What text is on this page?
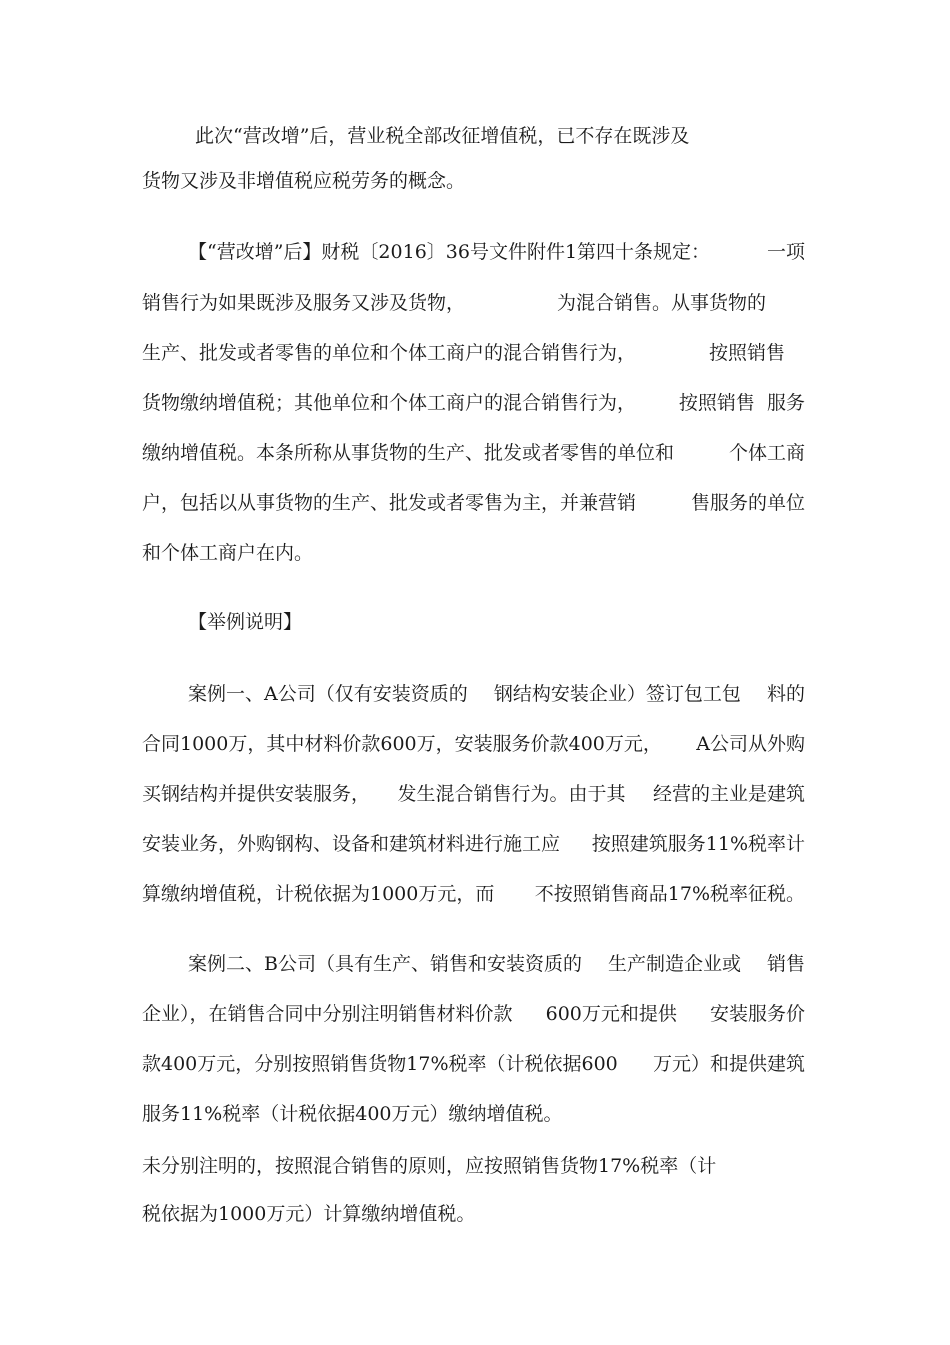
此次“营改增”后，营业税全部改征增值税，已不存在既涉及

货物又涉及非增值税应税劳务的概念。

【“营改增”后】财税〔2016〕36号文件附件1第四十条规定：	一项
销售行为如果既涉及服务又涉及货物，	为混合销售。从事货物的
生产、批发或者零售的单位和个体工商户的混合销售行为，	按照销售
货物缴纳增值税；其他单位和个体工商户的混合销售行为， 按照销售  服务
缴纳增值税。本条所称从事货物的生产、批发或者零售的单位和	个体工商
户，包括以从事货物的生产、批发或者零售为主，并兼营销	售服务的单位

和个体工商户在内。

【举例说明】

案例一、A公司（仅有安装资质的 钢结构安装企业）签订包工包 料的
合同1000万，其中材料价款600万，安装服务价款400万元， A公司从外购
买钢结构并提供安装服务， 发生混合销售行为。由于其 经营的主业是建筑
安装业务，外购钢构、设备和建筑材料进行施工应 按照建筑服务11%税率计
算缴纳增值税，计税依据为1000万元，而 不按照销售商品17%税率征税。
案例二、B公司（具有生产、销售和安装资质的 生产制造企业或 销售
企业），在销售合同中分别注明销售材料价款 600万元和提供 安装服务价
款400万元，分别按照销售货物17%税率（计税依据600 万元）和提供建筑

服务11%税率（计税依据400万元）缴纳增值税。

未分别注明的，按照混合销售的原则，应按照销售货物17%税率（计

税依据为1000万元）计算缴纳增值税。
